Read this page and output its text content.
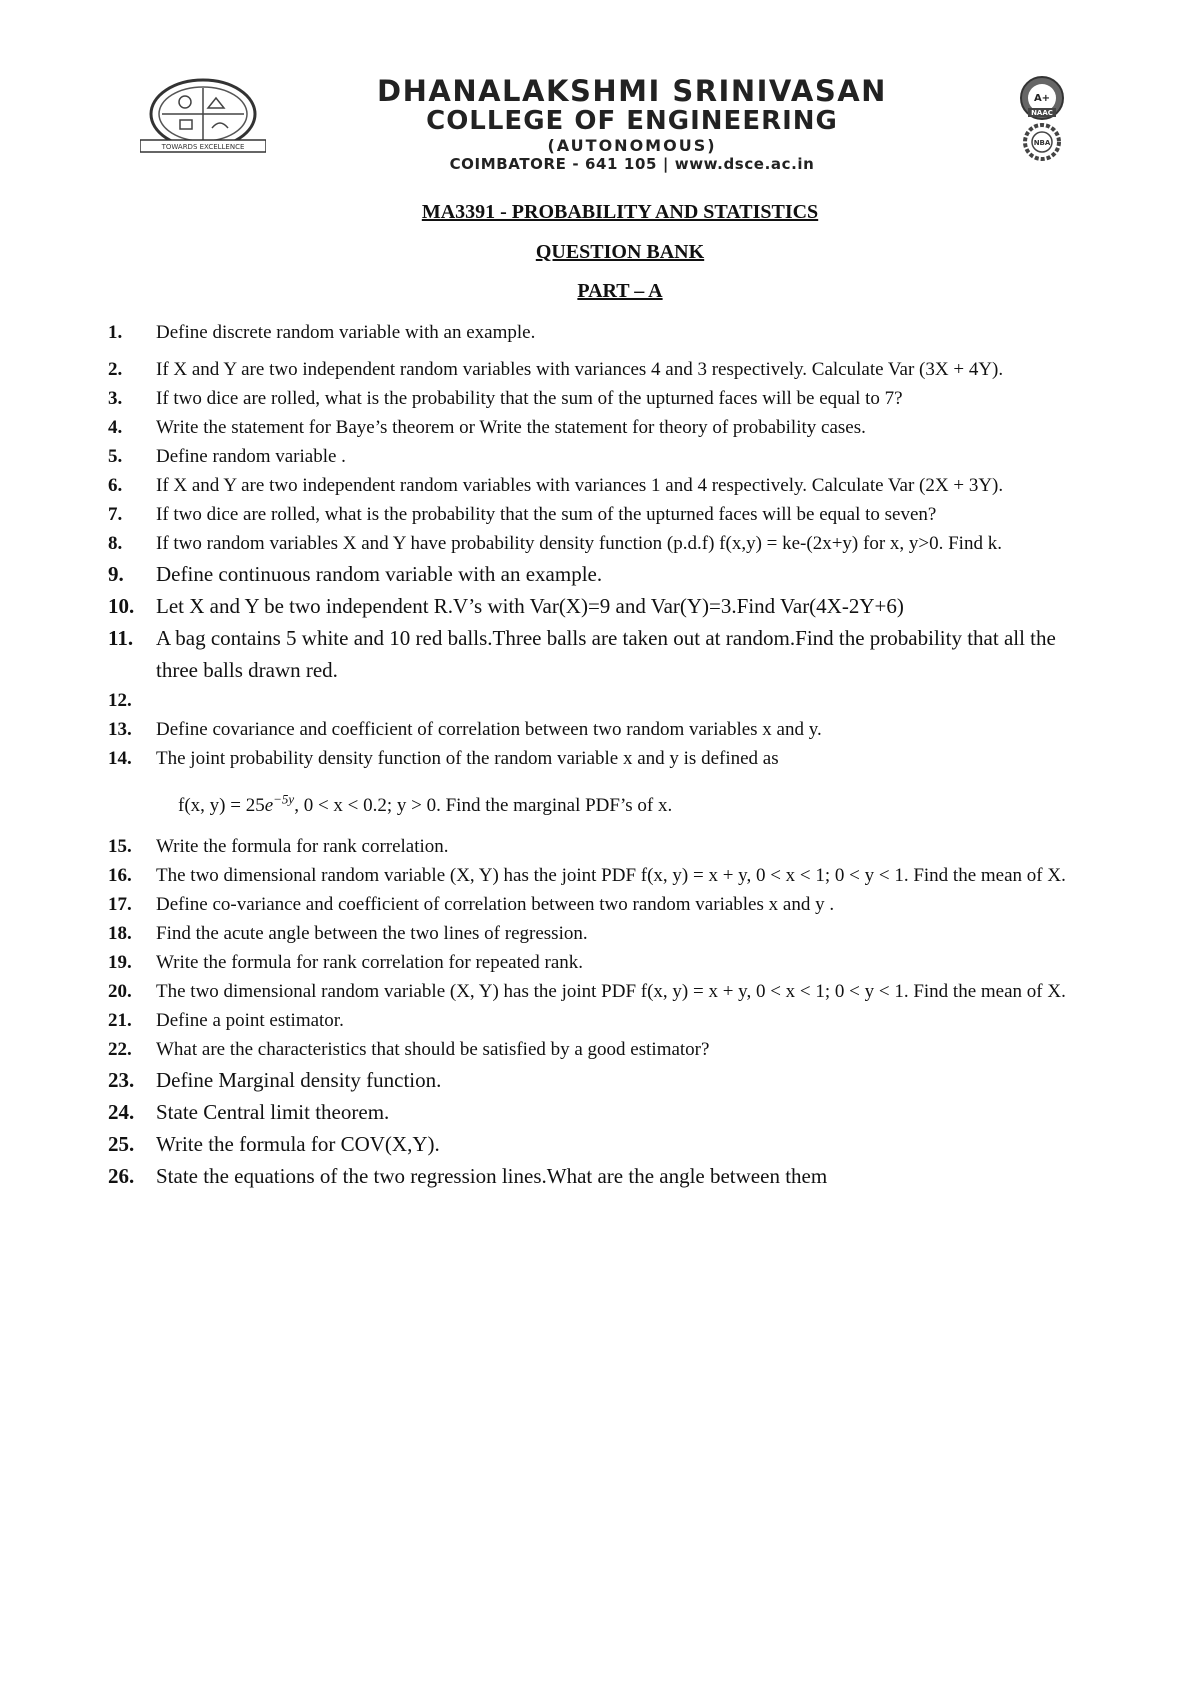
TOWARDS EXCELLENCE
DHANALAKSHMI SRINIVASAN
COLLEGE OF ENGINEERING
(AUTONOMOUS)
COIMBATORE - 641 105 | www.dsce.ac.in
A+
NAAC
NBA
MA3391 - PROBABILITY AND STATISTICS
QUESTION BANK
PART – A
1.	Define discrete random variable with an example.
2.	If X and Y are two independent random variables with variances 4 and 3 respectively. Calculate Var (3X + 4Y).
3.	If two dice are rolled, what is the probability that the sum of the upturned faces will be equal to 7?
4.	Write the statement for Baye’s theorem or Write the statement for theory of probability cases.
5.	Define random variable .
6.	If X and Y are two independent random variables with variances 1 and 4 respectively. Calculate Var (2X + 3Y).
7.	If two dice are rolled, what is the probability that the sum of the upturned faces will be equal to seven?
8.	If two random variables X and Y have probability density function (p.d.f) f(x,y) = ke-(2x+y) for x, y>0. Find k.
9.	Define continuous random variable with an example.
10.	Let X and Y be two independent R.V’s with Var(X)=9 and Var(Y)=3.Find Var(4X-2Y+6)
11.	A bag contains 5 white and 10 red balls.Three balls are taken out at random.Find the probability that all the three balls drawn red.
12.
13.	Define covariance and coefficient of correlation between two random variables x and y.
14.	The joint probability density function of the random variable x and y is defined as
f(x, $y) = 25e^{-5y}$, 0 < x < 0.2; y > 0. Find the marginal PDF’s of x.
15.	Write the formula for rank correlation.
16.	The two dimensional random variable (X, Y) has the joint PDF f(x, y) = x + y, 0 < x < 1; 0 < y < 1. Find the mean of X.
17.	Define co-variance and coefficient of correlation between two random variables x and y .
18.	Find the acute angle between the two lines of regression.
19.	Write the formula for rank correlation for repeated rank.
20.	The two dimensional random variable (X, Y) has the joint PDF f(x, y) = x + y, 0 < x < 1; 0 < y < 1. Find the mean of X.
21.	Define a point estimator.
22.	What are the characteristics that should be satisfied by a good estimator?
23.	Define Marginal density function.
24.	State Central limit theorem.
25.	Write the formula for COV(X,Y).
26.	State the equations of the two regression lines.What are the angle between them
